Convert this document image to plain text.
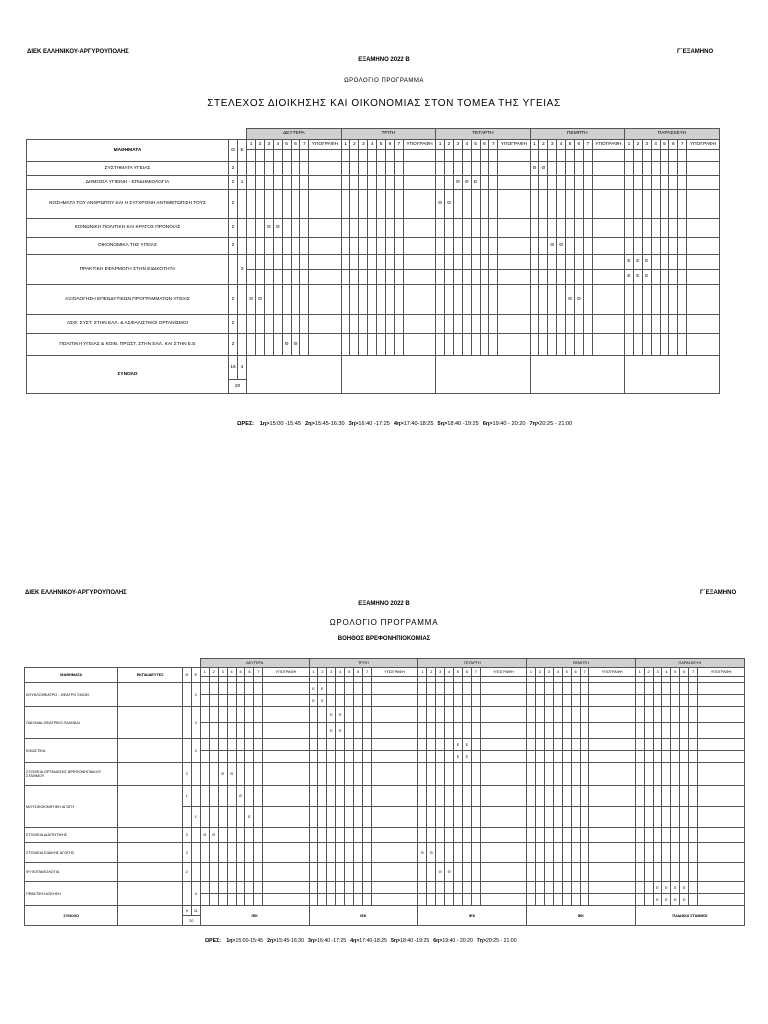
ΔΙΕΚ ΕΛΛΗΝΙΚΟΥ-ΑΡΓΥΡΟΥΠΟΛΗΣ	Γ΄ΕΞΑΜΗΝΟ
ΕΞΑΜΗΝΟ 2022 Β
ΩΡΟΛΟΓΙΟ ΠΡΟΓΡΑΜΜΑ
ΣΤΕΛΕΧΟΣ ΔΙΟΙΚΗΣΗΣ ΚΑΙ ΟΙΚΟΝΟΜΙΑΣ ΣΤΟΝ ΤΟΜΕΑ ΤΗΣ ΥΓΕΙΑΣ
			ΔΕΥΤΕΡΑ								ΤΡΙΤΗ								ΤΕΤΑΡΤΗ								ΠΕΜΠΤΗ								ΠΑΡΑΣΚΕΥΗ							
ΜΑΘΗΜΑΤΑ	Θ	Ε	1	2	3	4	5	6	7	ΥΠΟΓΡΑΦΗ	1	2	3	4	5	6	7	ΥΠΟΓΡΑΦΗ	1	2	3	4	5	6	7	ΥΠΟΓΡΑΦΗ	1	2	3	4	5	6	7	ΥΠΟΓΡΑΦΗ	1	2	3	4	5	6	7	ΥΠΟΓΡΑΦΗ

ΣΥΣΤΗΜΑΤΑ ΥΓΕΙΑΣ	2																										Θ	Θ														
ΔΗΜΟΣΙΑ ΥΓΙΕΙΝΗ - ΕΠΙΔΗΜΙΟΛΟΓΙΑ	2	1																			Θ	Θ	Ε																			
ΝΟΣΗΜΑΤΑ ΤΟΥ ΑΝΘΡΩΠΟΥ ΚΑΙ Η ΣΥΓΧΡΟΝΗ ΑΝΤΙΜΕΤΩΠΙΣΗ ΤΟΥΣ	2																		Θ	Θ																						
ΚΟΙΝΩΝΙΚΗ ΠΟΛΙΤΙΚΗ ΚΑΙ ΚΡΑΤΟΣ ΠΡΟΝΟΙΑΣ	2				Θ	Θ																																				
ΟΙΚΟΝΟΜΙΚΑ ΤΗΣ ΥΓΕΙΑΣ	2																												Θ	Θ												
ΠΡΑΚΤΙΚΗ ΕΦΑΡΜΟΓΗ ΣΤΗΝ ΕΙΔΙΚΟΤΗΤΑ		3																																	Ε	Ε	Ε					
																																			Ε	Ε	Ε					
ΑΞΙΟΛΟΓΗΣΗ ΕΠΕΝΔΥΤΙΚΩΝ ΠΡΟΓΡΑΜΜΑΤΩΝ ΥΓΕΙΑΣ	2		Θ	Θ																											Θ	Θ										
ΑΣΦ. ΣΥΣΤ. ΣΤΗΝ ΕΛΛ. & ΑΣΦΑΛΙΣΤΙΚΟΙ ΟΡΓΑΝΙΣΜΟΙ	2																																									
ΠΟΛΙΤΙΚΗ ΥΓΕΙΑΣ & ΚΟΙΝ. ΠΡΟΣΤ. ΣΤΗΝ ΕΛΛ. ΚΑΙ ΣΤΗΝ Ε.Ε	2						Θ	Θ																																		
ΣΥΝΟΛΟ	16	4																																								
	20																																									
ΩΡΕΣ: 1η>15:00 -15:45 2η>15:45-16:30 3η>16:40 -17:25 4η>17:40-18:25 5η>18:40 -19:25 6η>19:40 - 20:20 7η>20:25 - 21:00
ΔΙΕΚ ΕΛΛΗΝΙΚΟΥ-ΑΡΓΥΡΟΥΠΟΛΗΣ	Γ΄ΕΞΑΜΗΝΟ
ΕΞΑΜΗΝΟ 2022 Β
ΩΡΟΛΟΓΙΟ ΠΡΟΓΡΑΜΜΑ
ΒΟΗΘΟΣ ΒΡΕΦΟΝΗΠΙΟΚΟΜΙΑΣ
				ΔΕΥΤΕΡΑ								ΤΡΙΤΗ								ΤΕΤΑΡΤΗ								ΠΕΜΠΤΗ								ΠΑΡΑΣΚΕΥΗ							
ΜΑΘΗΜΑΤΑ	ΕΚΠΑΙΔΕΥΤΕΣ	Θ	Ε	1	2	3	4	5	6	7	ΥΠΟΓΡΑΦΗ	1	2	3	4	5	6	7	ΥΠΟΓΡΑΦΗ	1	2	3	4	5	6	7	ΥΠΟΓΡΑΦΗ	1	2	3	4	5	6	7	ΥΠΟΓΡΑΦΗ	1	2	3	4	5	6	7	ΥΠΟΓΡΑΦΗ

ΚΟΥΚΛΟΘΕΑΤΡΟ - ΘΕΑΤΡΟ ΣΚΙΩΝ			2									Ε	Ε																														
												Ε	Ε																														
ΠΑΙΧΝΙΔΙ-ΘΕΑΤΡΙΚΟ ΠΑΙΧΝΙΔΙ			2											Ε	Ε																												
														Ε	Ε																												
ΕΙΚΑΣΤΙΚΑ			2																					Ε	Ε																		
																								Ε	Ε																		
ΣΤΟΙΧΕΙΑ ΟΡΓΑΝΩΣΗΣ ΒΡΕΦΟΝΗΠΙΑΚΟΥ ΣΤΑΘΜΟΥ		2				Θ	Θ																																				
ΜΟΥΣΙΚΟΚΙΝΗΤΙΚΗ ΑΓΩΓΗ		1						Θ																																			
			1						Ε																																		
ΣΤΟΙΧΕΙΑ ΔΙΑΙΤΗΤΙΚΗΣ		2		Θ	Θ																																						
ΣΤΟΙΧΕΙΑ ΕΙΔΙΚΗΣ ΑΓΩΓΗΣ		2																		Θ	Θ																						
ΨΥΧΟΠΑΘΟΛΟΓΙΑ		2																				Θ	Θ																				
ΠΡΑΚΤΙΚΗ ΑΣΚΗΣΗ			4																																			Ε	Ε	Ε	Ε		
																																						Ε	Ε	Ε	Ε		
ΣΥΝΟΛΟ		9	11	ΙΕΚ								ΙΕΚ								ΙΕΚ								ΙΕΚ								ΠΑΙΔΙΚΟΙ ΣΤΑΘΜΟΙ							
		20																																									
ΩΡΕΣ: 1η>15:00-15:45 2η>15:45-16:30 3η>16:40 -17:25 4η>17:40-18:25 5η>18:40 -19:25 6η>19:40 - 20:20 7η>20:25 - 21:00
